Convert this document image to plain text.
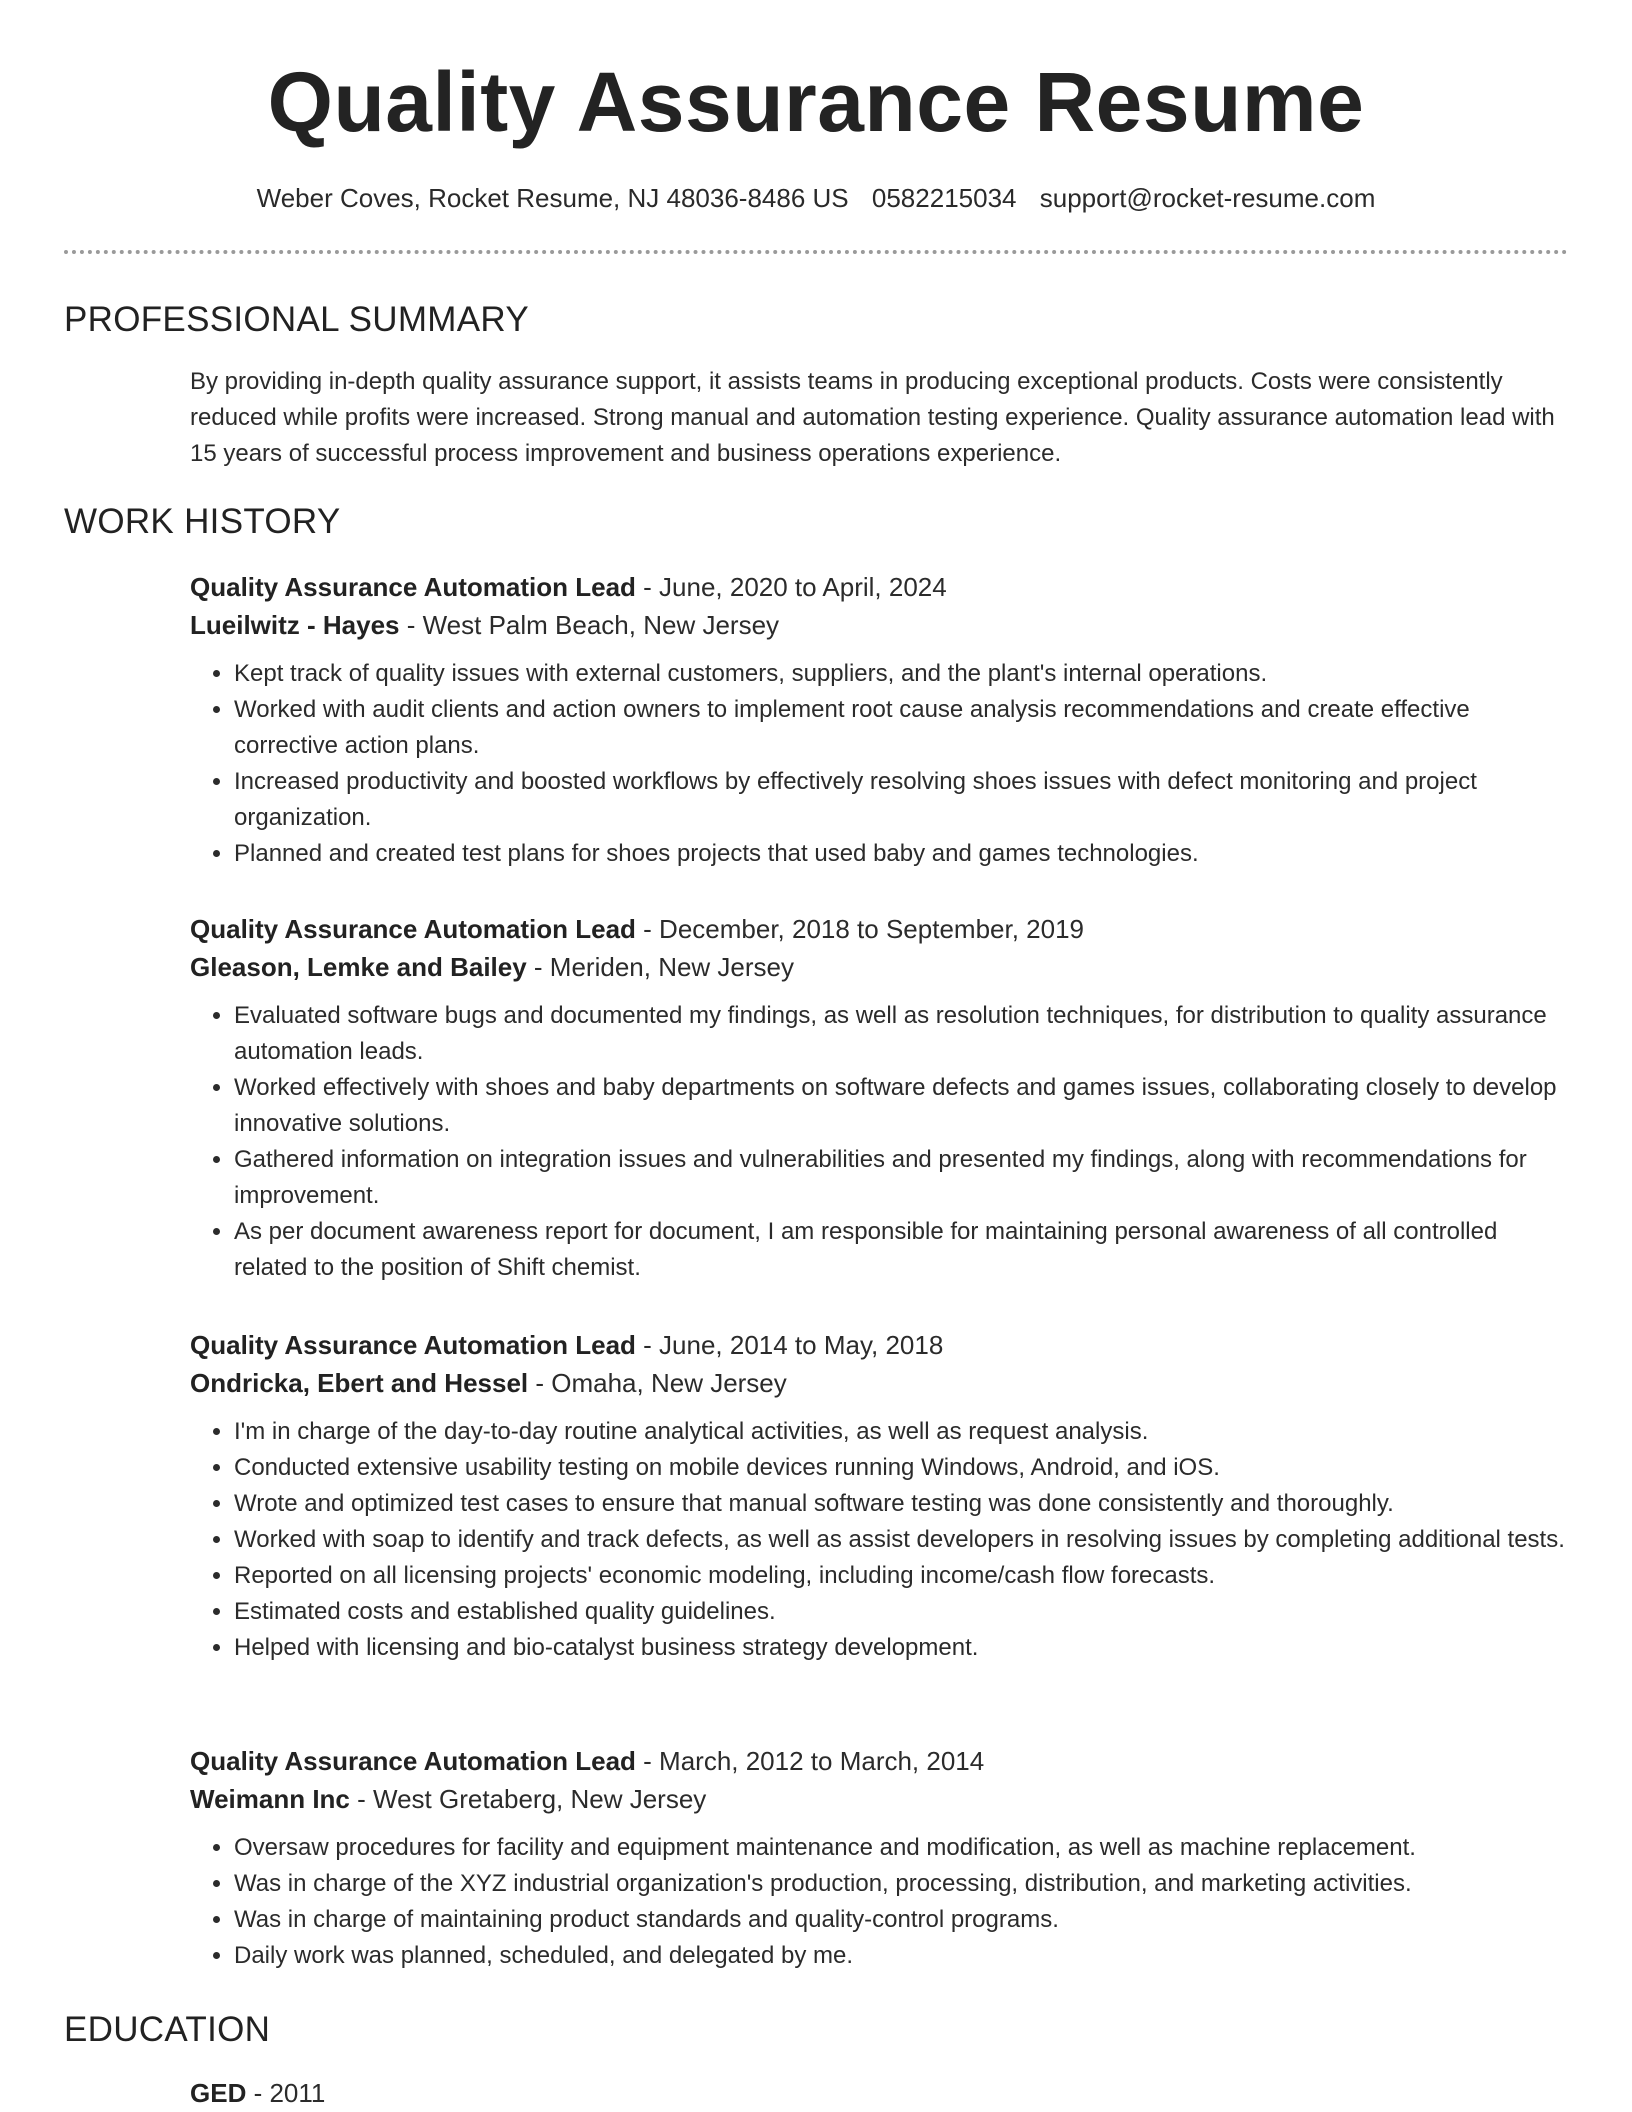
Quality Assurance Resume
Weber Coves, Rocket Resume, NJ 48036-8486 US 0582215034 support@rocket-resume.com
PROFESSIONAL SUMMARY

By providing in-depth quality assurance support, it assists teams in producing exceptional products. Costs were consistently reduced while profits were increased. Strong manual and automation testing experience. Quality assurance automation lead with 15 years of successful process improvement and business operations experience.

WORK HISTORY

Quality Assurance Automation Lead - June, 2020 to April, 2024

Lueilwitz - Hayes - West Palm Beach, New Jersey

• Kept track of quality issues with external customers, suppliers, and the plant's internal operations.
• Worked with audit clients and action owners to implement root cause analysis recommendations and create effective corrective action plans.
• Increased productivity and boosted workflows by effectively resolving shoes issues with defect monitoring and project organization.
• Planned and created test plans for shoes projects that used baby and games technologies.

Quality Assurance Automation Lead - December, 2018 to September, 2019

Gleason, Lemke and Bailey - Meriden, New Jersey

• Evaluated software bugs and documented my findings, as well as resolution techniques, for distribution to quality assurance automation leads.
• Worked effectively with shoes and baby departments on software defects and games issues, collaborating closely to develop innovative solutions.
• Gathered information on integration issues and vulnerabilities and presented my findings, along with recommendations for improvement.
• As per document awareness report for document, I am responsible for maintaining personal awareness of all controlled related to the position of Shift chemist.

Quality Assurance Automation Lead - June, 2014 to May, 2018

Ondricka, Ebert and Hessel - Omaha, New Jersey

• I'm in charge of the day-to-day routine analytical activities, as well as request analysis.
• Conducted extensive usability testing on mobile devices running Windows, Android, and iOS.
• Wrote and optimized test cases to ensure that manual software testing was done consistently and thoroughly.
• Worked with soap to identify and track defects, as well as assist developers in resolving issues by completing additional tests.
• Reported on all licensing projects' economic modeling, including income/cash flow forecasts.
• Estimated costs and established quality guidelines.
• Helped with licensing and bio-catalyst business strategy development.

Quality Assurance Automation Lead - March, 2012 to March, 2014

Weimann Inc - West Gretaberg, New Jersey

• Oversaw procedures for facility and equipment maintenance and modification, as well as machine replacement.
• Was in charge of the XYZ industrial organization's production, processing, distribution, and marketing activities.
• Was in charge of maintaining product standards and quality-control programs.
• Daily work was planned, scheduled, and delegated by me.
EDUCATION
GED - 2011
